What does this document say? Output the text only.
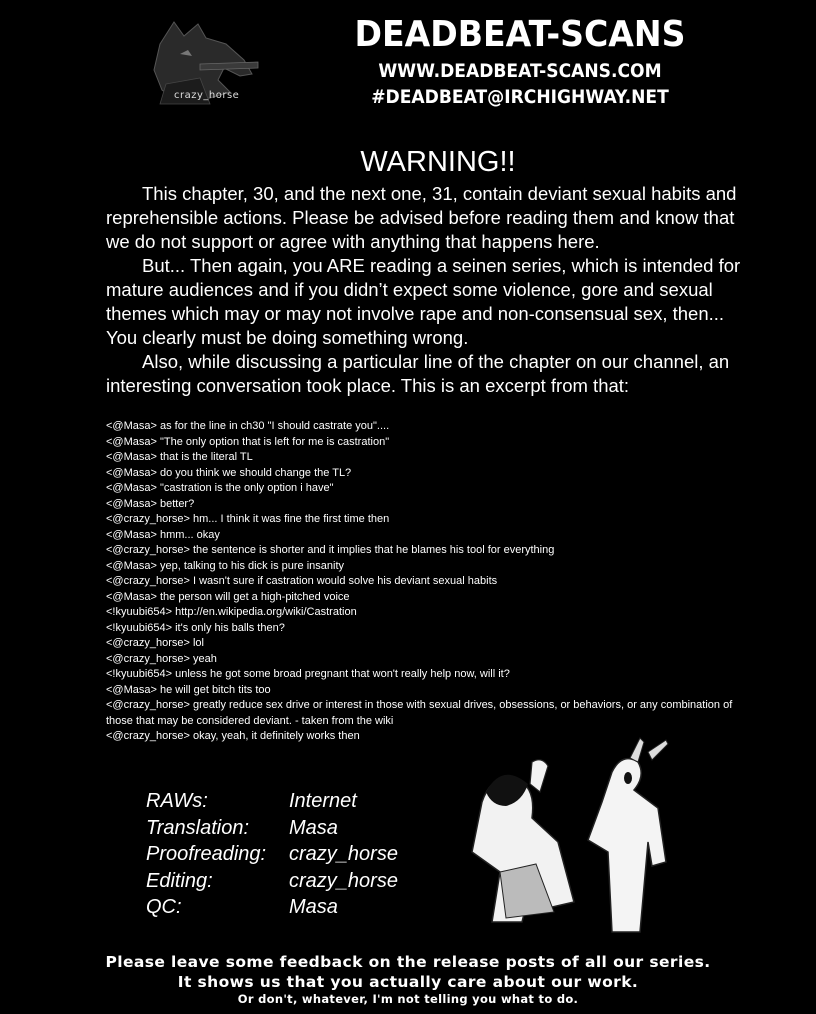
crazy_horse
DEADBEAT-SCANS
WWW.DEADBEAT-SCANS.COM
#DEADBEAT@IRCHIGHWAY.NET
WARNING!!

This chapter, 30, and the next one, 31, contain deviant sexual habits and reprehensible actions. Please be advised before reading them and know that we do not support or agree with anything that happens here.

But... Then again, you ARE reading a seinen series, which is intended for mature audiences and if you didn’t expect some violence, gore and sexual themes which may or may not involve rape and non-consensual sex, then... You clearly must be doing something wrong.

Also, while discussing a particular line of the chapter on our channel, an interesting conversation took place. This is an excerpt from that:

<@Masa> as for the line in ch30 "I should castrate you"....
<@Masa> "The only option that is left for me is castration"
<@Masa> that is the literal TL
<@Masa> do you think we should change the TL?
<@Masa> "castration is the only option i have"
<@Masa> better?
<@crazy_horse> hm... I think it was fine the first time then
<@Masa> hmm... okay
<@crazy_horse> the sentence is shorter and it implies that he blames his tool for everything
<@Masa> yep, talking to his dick is pure insanity
<@crazy_horse> I wasn't sure if castration would solve his deviant sexual habits
<@Masa> the person will get a high-pitched voice
<!kyuubi654> http://en.wikipedia.org/wiki/Castration
<!kyuubi654> it's only his balls then?
<@crazy_horse> lol
<@crazy_horse> yeah
<!kyuubi654> unless he got some broad pregnant that won't really help now, will it?
<@Masa> he will get bitch tits too
<@crazy_horse> greatly reduce sex drive or interest in those with sexual drives, obsessions, or behaviors, or any combination of those that may be considered deviant. - taken from the wiki
<@crazy_horse> okay, yeah, it definitely works then
RAWs:	Internet
Translation:	Masa
Proofreading:	crazy_horse
Editing:	crazy_horse
QC:	Masa
Please leave some feedback on the release posts of all our series.
It shows us that you actually care about our work.
Or don't, whatever, I'm not telling you what to do.
